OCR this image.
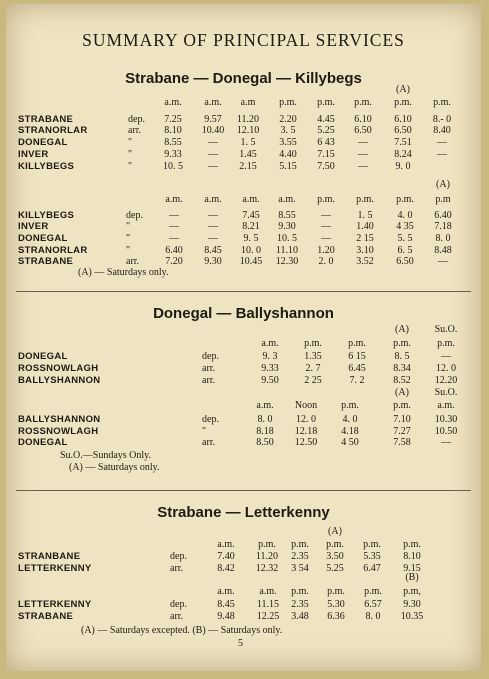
SUMMARY OF PRINCIPAL SERVICES
Strabane — Donegal — Killybegs
(A)
a.m.	a.m.	a.m	p.m.	p.m.	p.m.	p.m.	p.m.
STRABANE	dep.	7.25	9.57	11.20	2.20	4.45	6.10	6.10	8.- 0
STRANORLAR	arr.	8.10	10.40	12.10	3. 5	5.25	6.50	6.50	8.40
DONEGAL	"	8.55	—	1. 5	3.55	6 43	—	7.51	—
INVER	"	9.33	—	1.45	4.40	7.15	—	8.24	—
KILLYBEGS	"	10. 5	—	2.15	5.15	7.50	—	9. 0
(A)
a.m.	a.m.	a.m.	a.m.	p.m.	p.m.	p.m.	p.m
KILLYBEGS	dep.	—	—	7.45	8.55	—	1. 5	4. 0	6.40
INVER	"	—	—	8.21	9.30	—	1.40	4 35	7.18
DONEGAL	"	—	—	9. 5	10. 5	—	2 15	5. 5	8. 0
STRANORLAR	"	6.40	8.45	10. 0	11.10	1.20	3.10	6. 5	8.48
STRABANE	arr.	7.20	9.30	10.45	12.30	2. 0	3.52	6.50	—
(A) — Saturdays only.
Donegal — Ballyshannon
(A)	Su.O.
a.m.	p.m.	p.m.	p.m.	p.m.
DONEGAL	dep.	9. 3	1.35	6 15	8. 5	—
ROSSNOWLAGH	arr.	9.33	2. 7	6.45	8.34	12. 0
BALLYSHANNON	arr.	9.50	2 25	7. 2	8.52	12.20
(A)	Su.O.
a.m.	Noon	p.m.	p.m.	a.m.
BALLYSHANNON	dep.	8. 0	12. 0	4. 0	7.10	10.30
ROSSNOWLAGH	"	8.18	12.18	4.18	7.27	10.50
DONEGAL	arr.	8.50	12.50	4 50	7.58	—
Su.O.—Sundays Only.
(A) — Saturdays only.
Strabane — Letterkenny
(A)
a.m.	p.m.	p.m.	p.m.	p.m.	p.m.
STRANBANE	dep.	7.40	11.20	2.35	3.50	5.35	8.10
LETTERKENNY	arr.	8.42	12.32	3 54	5.25	6.47	9.15
(B)
a.m.	a.m.	p.m.	p.m.	p.m.	p.m,
LETTERKENNY	dep.	8.45	11.15	2.35	5.30	6.57	9.30
STRABANE	arr.	9.48	12.25	3.48	6.36	8. 0	10.35
(A) — Saturdays excepted. (B) — Saturdays only.
5
